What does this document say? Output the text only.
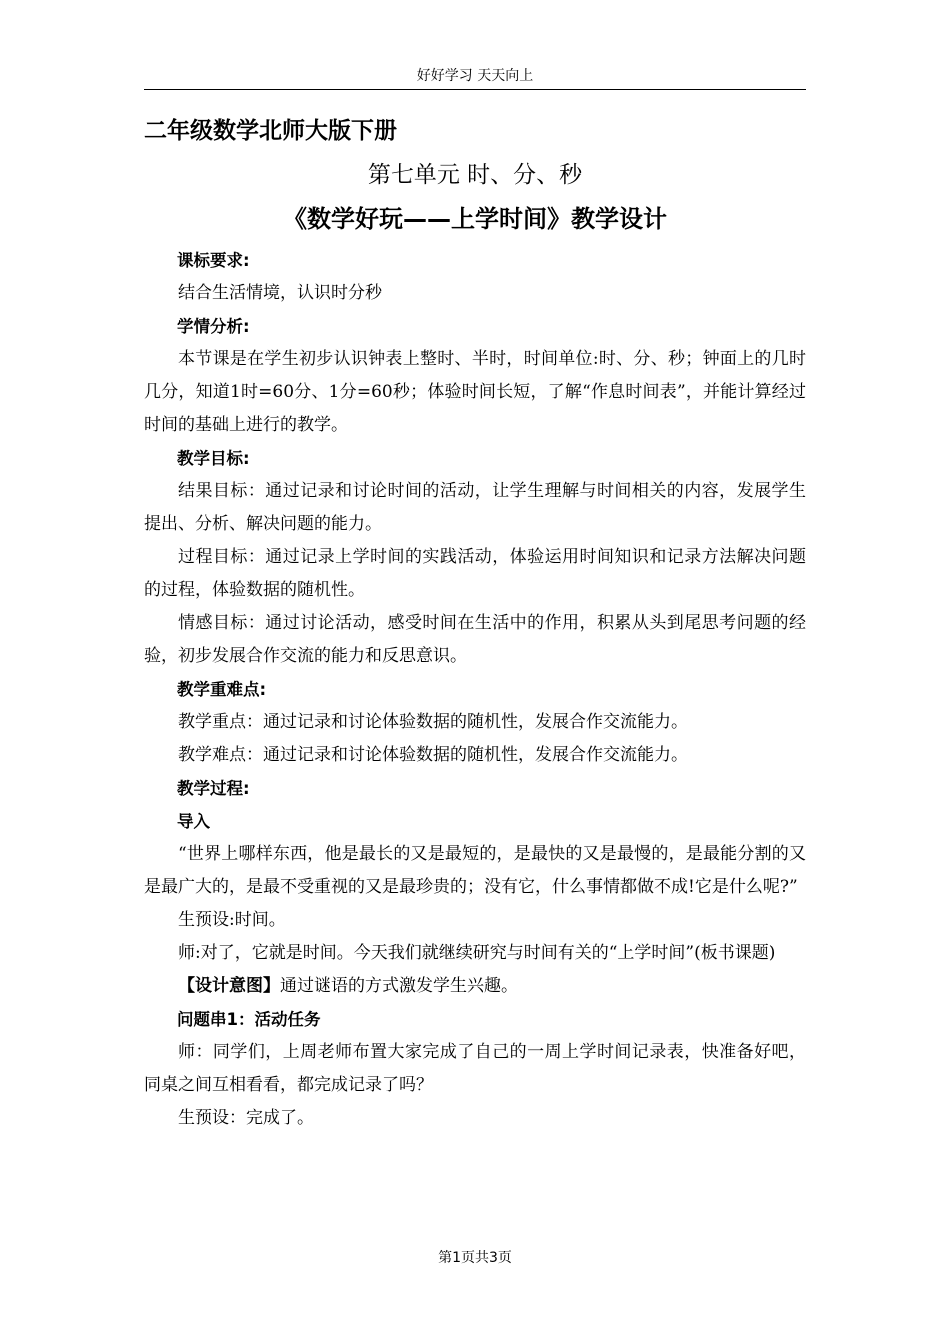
好好学习 天天向上
二年级数学北师大版下册
第七单元 时、分、秒
《数学好玩——上学时间》教学设计

课标要求:

结合生活情境，认识时分秒

学情分析:

本节课是在学生初步认识钟表上整时、半时，时间单位:时、分、秒；钟面上的几时几分，知道1时=60分、1分=60秒；体验时间长短，了解“作息时间表”，并能计算经过时间的基础上进行的教学。

教学目标:

结果目标：通过记录和讨论时间的活动，让学生理解与时间相关的内容，发展学生提出、分析、解决问题的能力。

过程目标：通过记录上学时间的实践活动，体验运用时间知识和记录方法解决问题的过程，体验数据的随机性。

情感目标：通过讨论活动，感受时间在生活中的作用，积累从头到尾思考问题的经验，初步发展合作交流的能力和反思意识。

教学重难点:

教学重点：通过记录和讨论体验数据的随机性，发展合作交流能力。

教学难点：通过记录和讨论体验数据的随机性，发展合作交流能力。

教学过程:

导入

“世界上哪样东西，他是最长的又是最短的，是最快的又是最慢的，是最能分割的又是最广大的，是最不受重视的又是最珍贵的；没有它，什么事情都做不成!它是什么呢?”

生预设:时间。

师:对了，它就是时间。今天我们就继续研究与时间有关的“上学时间”(板书课题)

【设计意图】通过谜语的方式激发学生兴趣。

问题串1：活动任务

师：同学们，上周老师布置大家完成了自己的一周上学时间记录表，快准备好吧，同桌之间互相看看，都完成记录了吗？

生预设：完成了。

第1页共3页
